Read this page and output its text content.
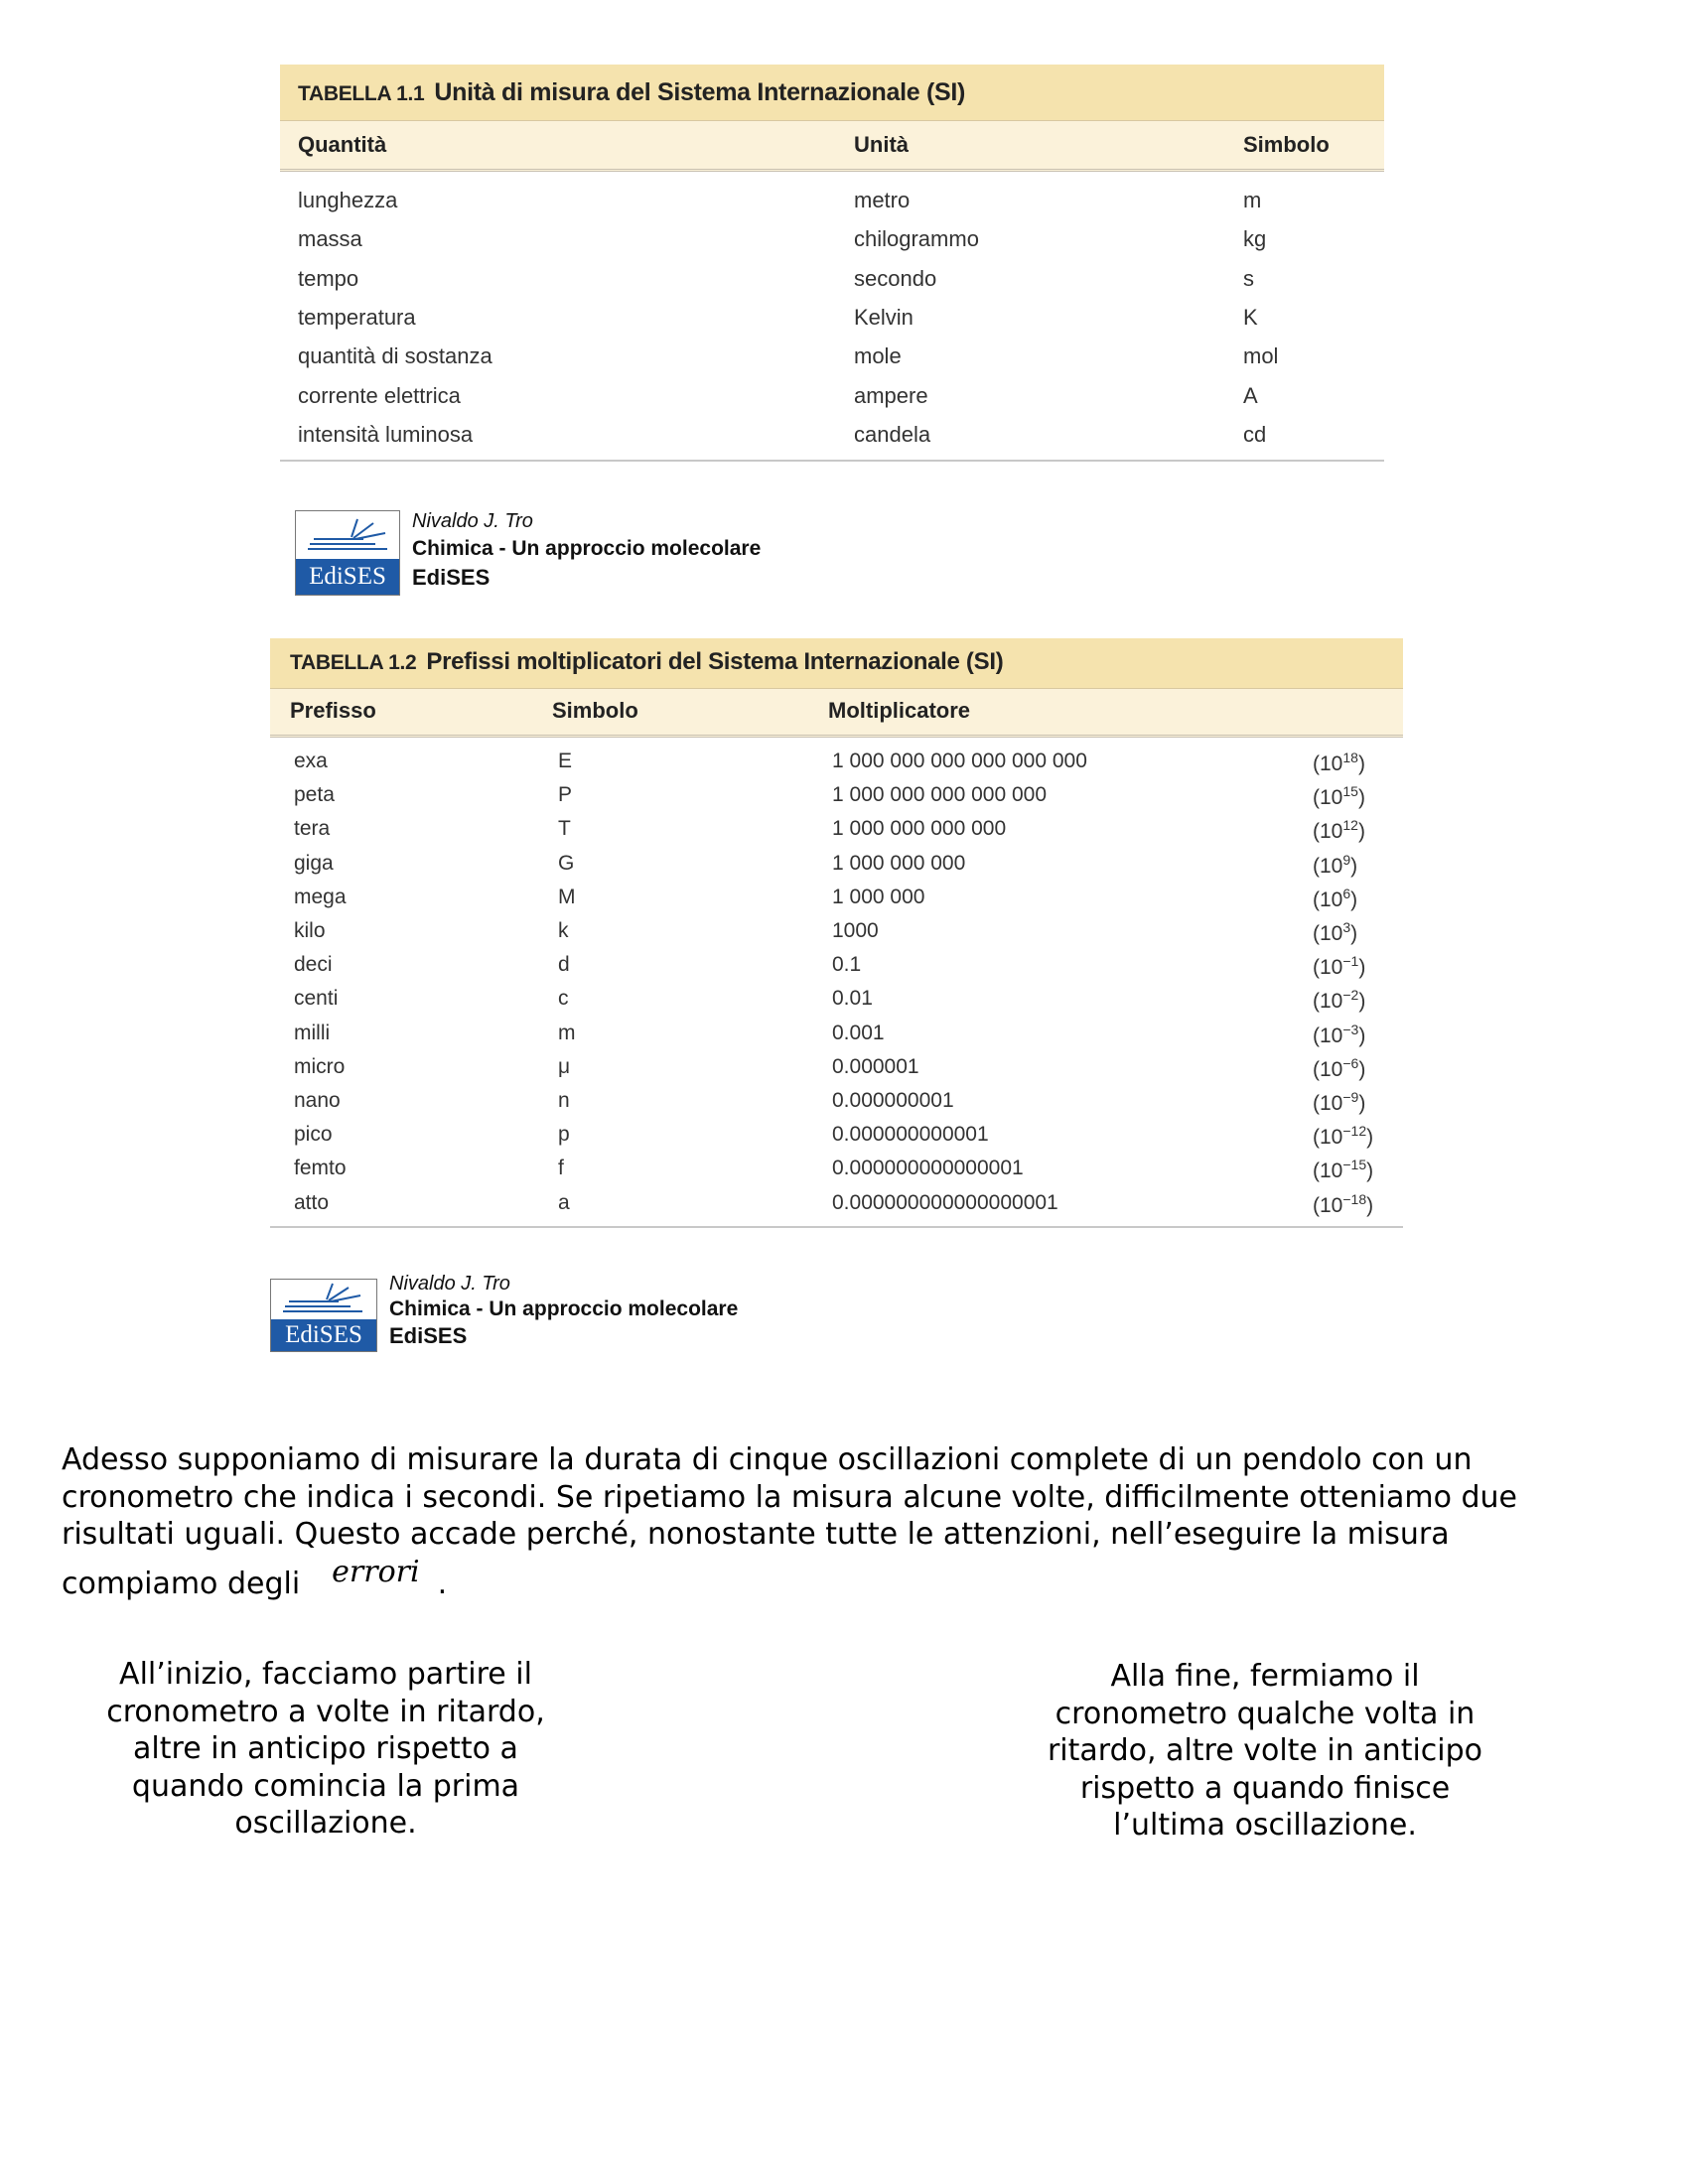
TABELLA 1.1 Unità di misura del Sistema Internazionale (SI)
Quantità	Unità	Simbolo
lunghezza	metro	m
massa	chilogrammo	kg
tempo	secondo	s
temperatura	Kelvin	K
quantità di sostanza	mole	mol
corrente elettrica	ampere	A
intensità luminosa	candela	cd
EdiSES
Nivaldo J. Tro
Chimica - Un approccio molecolare
EdiSES
TABELLA 1.2 Prefissi moltiplicatori del Sistema Internazionale (SI)
Prefisso	Simbolo	Moltiplicatore
exa	E	1 000 000 000 000 000 000	$(10^{18})$
peta	P	1 000 000 000 000 000	$(10^{15})$
tera	T	1 000 000 000 000	$(10^{12})$
giga	G	1 000 000 000	$(10^9)$
mega	M	1 000 000	$(10^6)$
kilo	k	1000	$(10^3)$
deci	d	0.1	$(10^{-1})$
centi	c	0.01	$(10^{-2})$
milli	m	0.001	$(10^{-3})$
micro	μ	0.000001	$(10^{-6})$
nano	n	0.000000001	$(10^{-9})$
pico	p	0.000000000001	$(10^{-12})$
femto	f	0.000000000000001	$(10^{-15})$
atto	a	0.000000000000000001	$(10^{-18})$
EdiSES
Nivaldo J. Tro
Chimica - Un approccio molecolare
EdiSES
Adesso supponiamo di misurare la durata di cinque oscillazioni complete di un pendolo con un
cronometro che indica i secondi. Se ripetiamo la misura alcune volte, difficilmente otteniamo due
risultati uguali. Questo accade perché, nonostante tutte le attenzioni, nell’eseguire la misura
compiamo degli errori .
All’inizio, facciamo partire il
cronometro a volte in ritardo,
altre in anticipo rispetto a
quando comincia la prima
oscillazione.
Alla fine, fermiamo il
cronometro qualche volta in
ritardo, altre volte in anticipo
rispetto a quando finisce
l’ultima oscillazione.
